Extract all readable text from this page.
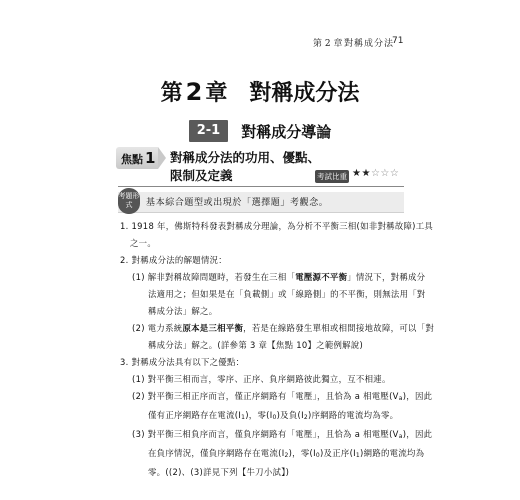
第 2 章 對稱成分法
71
第 2 章 對稱成分法
2-1 對稱成分導論
焦點 1 對稱成分法的功用、優點、
限制及定義	考試比重 ★★☆☆☆
考題形式	基本綜合題型或出現於「選擇題」考觀念。

1. 1918 年，佛斯特科發表對稱成分理論，為分析不平衡三相(如非對稱故障)工具

之一。

2. 對稱成分法的解題情況：

(1) 解非對稱故障問題時，若發生在三相「電壓源不平衡」情況下，對稱成分

法適用之；但如果是在「負載側」或「線路側」的不平衡，則無法用「對

稱成分法」解之。

(2) 電力系統原本是三相平衡，若是在線路發生單相或相間接地故障，可以「對

稱成分法」解之。(詳參第 3 章【焦點 10】之範例解說)

3. 對稱成分法具有以下之優點：

(1) 對平衡三相而言，零序、正序、負序網路彼此獨立，互不相連。

(2) 對平衡三相正序而言，僅正序網路有「電壓」，且恰為 a 相電壓(Va)，因此

僅有正序網路存在電流(I1)，零(I0)及負(I2)序網路的電流均為零。

(3) 對平衡三相負序而言，僅負序網路有「電壓」，且恰為 a 相電壓(Va)，因此

在負序情況，僅負序網路存在電流(I2)，零(I0)及正序(I1)網路的電流均為

零。((2)、(3)詳見下列【牛刀小試】)
